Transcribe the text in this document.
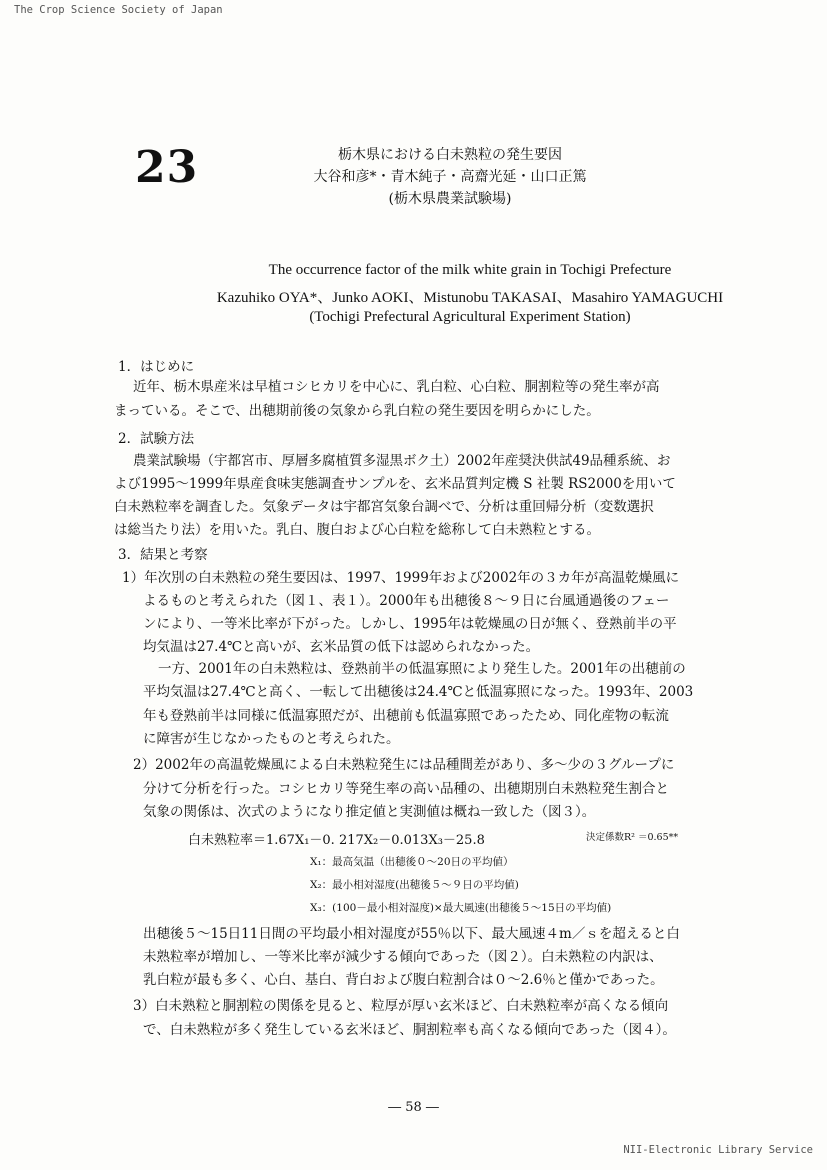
The Crop Science Society of Japan
23	栃木県における白未熟粒の発生要因
大谷和彦*・青木純子・高齋光延・山口正篤
(栃木県農業試験場)
The occurrence factor of the milk white grain in Tochigi Prefecture
Kazuhiko OYA*、Junko AOKI、Mistunobu TAKASAI、Masahiro YAMAGUCHI
(Tochigi Prefectural Agricultural Experiment Station)
1．はじめに
近年、栃木県産米は早植コシヒカリを中心に、乳白粒、心白粒、胴割粒等の発生率が高
まっている。そこで、出穂期前後の気象から乳白粒の発生要因を明らかにした。
2．試験方法
農業試験場（宇都宮市、厚層多腐植質多湿黒ボク土）2002年産奨決供試49品種系統、お
よび1995～1999年県産食味実態調査サンプルを、玄米品質判定機 S 社製 RS2000を用いて
白未熟粒率を調査した。気象データは宇都宮気象台調べで、分析は重回帰分析（変数選択
は総当たり法）を用いた。乳白、腹白および心白粒を総称して白未熟粒とする。
3．結果と考察
1）年次別の白未熟粒の発生要因は、1997、1999年および2002年の３カ年が高温乾燥風に
よるものと考えられた（図１、表１）。2000年も出穂後８～９日に台風通過後のフェー
ンにより、一等米比率が下がった。しかし、1995年は乾燥風の日が無く、登熟前半の平
均気温は27.4℃と高いが、玄米品質の低下は認められなかった。
一方、2001年の白未熟粒は、登熟前半の低温寡照により発生した。2001年の出穂前の
平均気温は27.4℃と高く、一転して出穂後は24.4℃と低温寡照になった。1993年、2003
年も登熟前半は同様に低温寡照だが、出穂前も低温寡照であったため、同化産物の転流
に障害が生じなかったものと考えられた。
2）2002年の高温乾燥風による白未熟粒発生には品種間差があり、多～少の３グループに
分けて分析を行った。コシヒカリ等発生率の高い品種の、出穂期別白未熟粒発生割合と
気象の関係は、次式のようになり推定値と実測値は概ね一致した（図３）。
白未熟粒率＝1.67X₁－0. 217X₂－0.013X₃－25.8	決定係数R² ＝0.65**
X₁：最高気温（出穂後０～20日の平均値）
X₂：最小相対湿度(出穂後５～９日の平均値)
X₃：(100－最小相対湿度)×最大風速(出穂後５～15日の平均値)
出穂後５～15日11日間の平均最小相対湿度が55％以下、最大風速４m／ｓを超えると白
未熟粒率が増加し、一等米比率が減少する傾向であった（図２）。白未熟粒の内訳は、
乳白粒が最も多く、心白、基白、背白および腹白粒割合は０～2.6％と僅かであった。
3）白未熟粒と胴割粒の関係を見ると、粒厚が厚い玄米ほど、白未熟粒率が高くなる傾向
で、白未熟粒が多く発生している玄米ほど、胴割粒率も高くなる傾向であった（図４）。
― 58 ―
NII-Electronic Library Service
